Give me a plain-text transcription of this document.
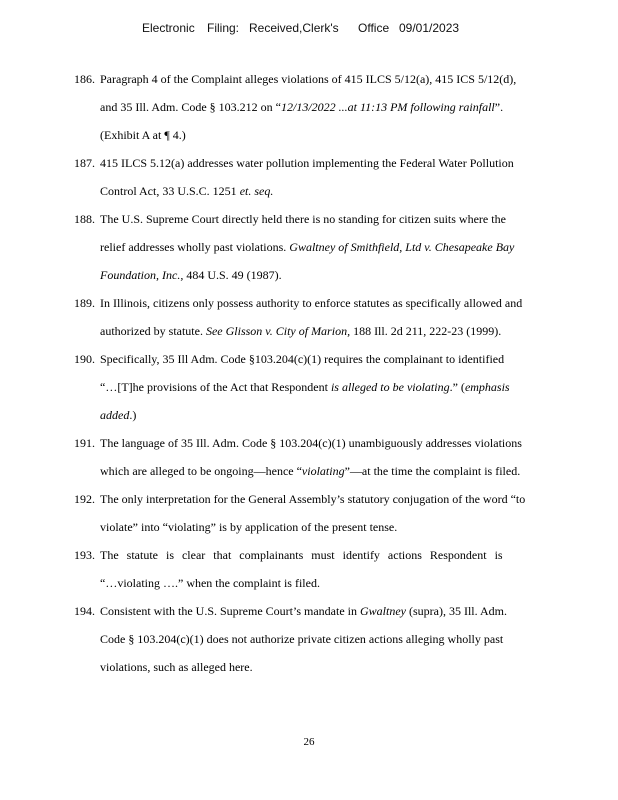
Electronic Filing: Received,Clerk's Office 09/01/2023
186. Paragraph 4 of the Complaint alleges violations of 415 ILCS 5/12(a), 415 ICS 5/12(d),
and 35 Ill. Adm. Code § 103.212 on “12/13/2022 ...at 11:13 PM following rainfall”.
(Exhibit A at ¶ 4.)
187. 415 ILCS 5.12(a) addresses water pollution implementing the Federal Water Pollution
Control Act, 33 U.S.C. 1251 et. seq.
188. The U.S. Supreme Court directly held there is no standing for citizen suits where the
relief addresses wholly past violations. Gwaltney of Smithfield, Ltd v. Chesapeake Bay
Foundation, Inc., 484 U.S. 49 (1987).
189. In Illinois, citizens only possess authority to enforce statutes as specifically allowed and
authorized by statute. See Glisson v. City of Marion, 188 Ill. 2d 211, 222-23 (1999).
190. Specifically, 35 Ill Adm. Code §103.204(c)(1) requires the complainant to identified
“…[T]he provisions of the Act that Respondent is alleged to be violating.” (emphasis
added.)
191. The language of 35 Ill. Adm. Code § 103.204(c)(1) unambiguously addresses violations
which are alleged to be ongoing—hence “violating”—at the time the complaint is filed.
192. The only interpretation for the General Assembly’s statutory conjugation of the word “to
violate” into “violating” is by application of the present tense.
193. The statute is clear that complainants must identify actions Respondent is
“…violating ….” when the complaint is filed.
194. Consistent with the U.S. Supreme Court’s mandate in Gwaltney (supra), 35 Ill. Adm.
Code § 103.204(c)(1) does not authorize private citizen actions alleging wholly past
violations, such as alleged here.
26
